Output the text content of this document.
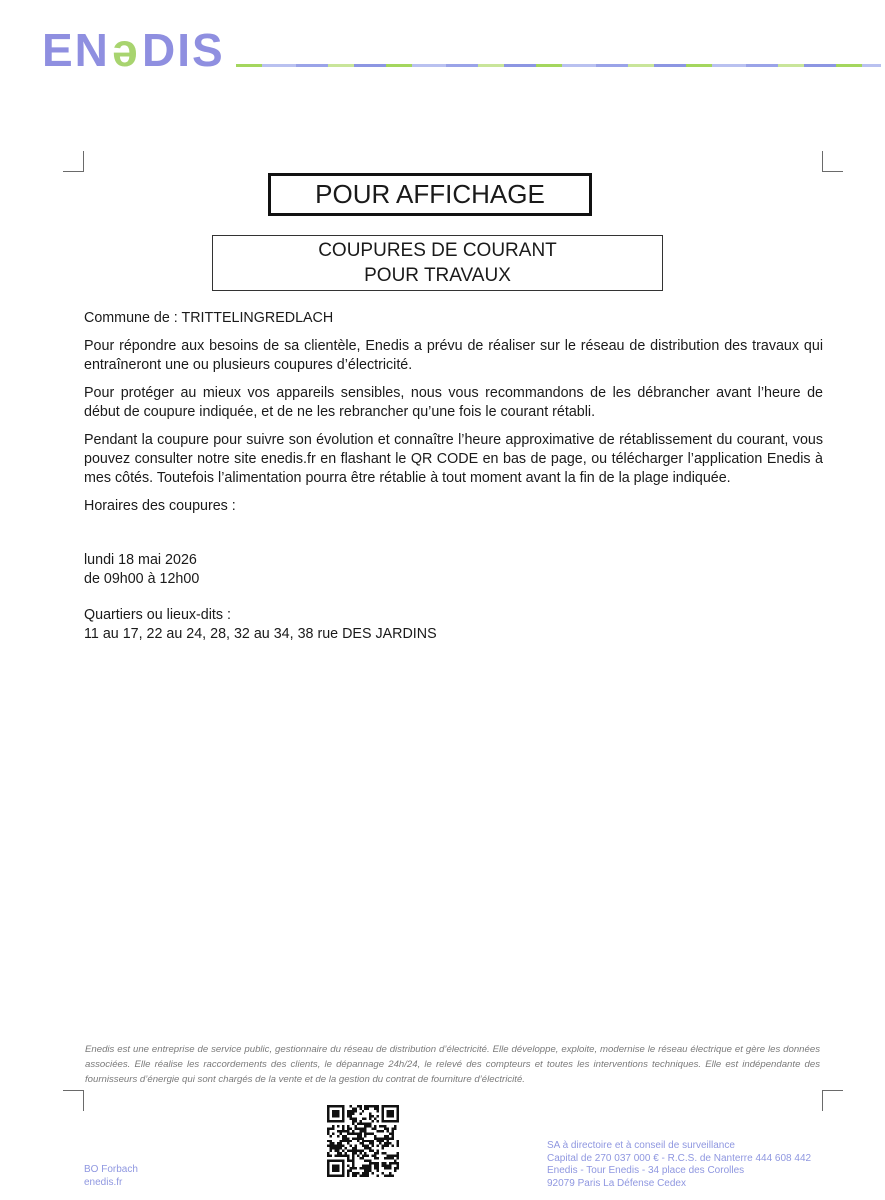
EN ə DIS
POUR AFFICHAGE
COUPURES DE COURANT
POUR TRAVAUX

Commune de : TRITTELINGREDLACH

Pour répondre aux besoins de sa clientèle, Enedis a prévu de réaliser sur le réseau de distribution des travaux qui entraîneront une ou plusieurs coupures d’électricité.

Pour protéger au mieux vos appareils sensibles, nous vous recommandons de les débrancher avant l’heure de début de coupure indiquée, et de ne les rebrancher qu’une fois le courant rétabli.

Pendant la coupure pour suivre son évolution et connaître l’heure approximative de rétablissement du courant, vous pouvez consulter notre site enedis.fr en flashant le QR CODE en bas de page, ou télécharger l’application Enedis à mes côtés. Toutefois l’alimentation pourra être rétablie à tout moment avant la fin de la plage indiquée.

Horaires des coupures :

lundi 18 mai 2026
de 09h00 à 12h00
Quartiers ou lieux-dits :
11 au 17, 22 au 24, 28, 32 au 34, 38 rue DES JARDINS
Enedis est une entreprise de service public, gestionnaire du réseau de distribution d’électricité. Elle développe, exploite, modernise le réseau électrique et gère les données associées. Elle réalise les raccordements des clients, le dépannage 24h/24, le relevé des compteurs et toutes les interventions techniques. Elle est indépendante des fournisseurs d’énergie qui sont chargés de la vente et de la gestion du contrat de fourniture d’électricité.
BO Forbach
enedis.fr
SA à directoire et à conseil de surveillance
Capital de 270 037 000 € - R.C.S. de Nanterre 444 608 442
Enedis - Tour Enedis - 34 place des Corolles
92079 Paris La Défense Cedex
